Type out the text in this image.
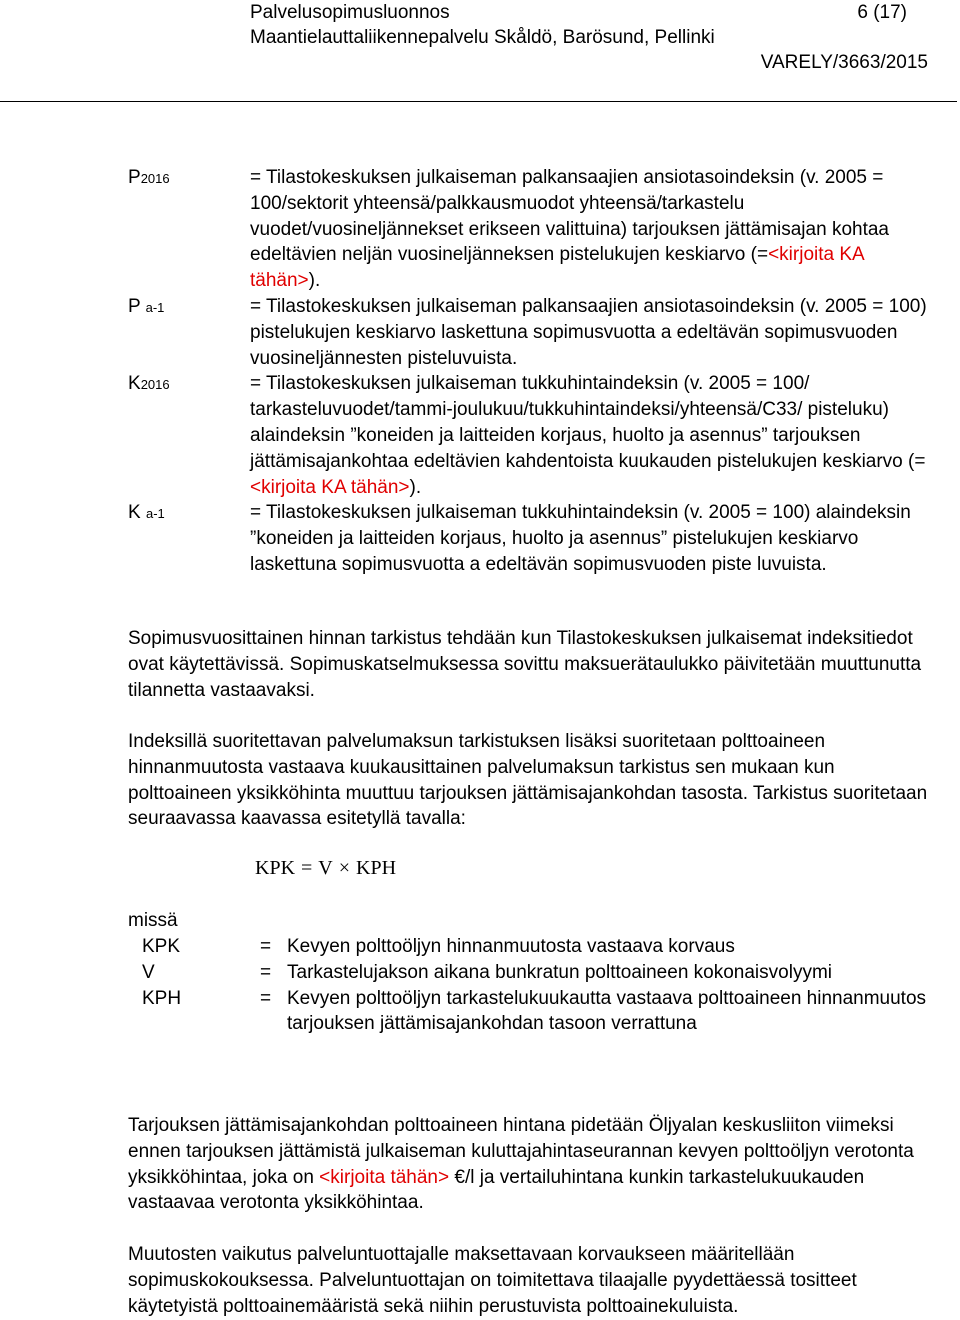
Palvelusopimusluonnos	6 (17)
Maantielauttaliikennepalvelu Skåldö, Barösund, Pellinki
VARELY/3663/2015
P2016	= Tilastokeskuksen julkaiseman palkansaajien ansiotasoindeksin (v. 2005 = 100/sektorit yhteensä/palkkausmuodot yhteensä/tarkastelu vuodet/vuosineljännekset erikseen valittuina) tarjouksen jättämisajan kohtaa edeltävien neljän vuosineljänneksen pistelukujen keskiarvo (=<kirjoita KA tähän>).
P a-1	= Tilastokeskuksen julkaiseman palkansaajien ansiotasoindeksin (v. 2005 = 100) pistelukujen keskiarvo laskettuna sopimusvuotta a edeltävän sopimusvuoden vuosineljännesten pisteluvuista.
K2016	= Tilastokeskuksen julkaiseman tukkuhintaindeksin (v. 2005 = 100/ tarkasteluvuodet/tammi-joulukuu/tukkuhintaindeksi/yhteensä/C33/ pisteluku) alaindeksin ”koneiden ja laitteiden korjaus, huolto ja asennus” tarjouksen jättämisajankohtaa edeltävien kahdentoista kuukauden pistelukujen keskiarvo (=<kirjoita KA tähän>).
K a-1	= Tilastokeskuksen julkaiseman tukkuhintaindeksin (v. 2005 = 100) alaindeksin ”koneiden ja laitteiden korjaus, huolto ja asennus” pistelukujen keskiarvo laskettuna sopimusvuotta a edeltävän sopimusvuoden piste luvuista.

Sopimusvuosittainen hinnan tarkistus tehdään kun Tilastokeskuksen julkaisemat indeksitiedot ovat käytettävissä. Sopimuskatselmuksessa sovittu maksuerätaulukko päivitetään muuttunutta tilannetta vastaavaksi.

Indeksillä suoritettavan palvelumaksun tarkistuksen lisäksi suoritetaan polttoaineen hinnanmuutosta vastaava kuukausittainen palvelumaksun tarkistus sen mukaan kun polttoaineen yksikköhinta muuttuu tarjouksen jättämisajankohdan tasosta. Tarkistus suoritetaan seuraavassa kaavassa esitetyllä tavalla:

KPK = V × KPH
missä
KPK	= Kevyen polttoöljyn hinnanmuutosta vastaava korvaus
V	= Tarkastelujakson aikana bunkratun polttoaineen kokonaisvolyymi
KPH	= Kevyen polttoöljyn tarkastelukuukautta vastaava polttoaineen hinnanmuutos tarjouksen jättämisajankohdan tasoon verrattuna

Tarjouksen jättämisajankohdan polttoaineen hintana pidetään Öljyalan keskusliiton viimeksi ennen tarjouksen jättämistä julkaiseman kuluttajahintaseurannan kevyen polttoöljyn verotonta yksikköhintaa, joka on <kirjoita tähän> €/l ja vertailuhintana kunkin tarkastelukuukauden vastaavaa verotonta yksikköhintaa.

Muutosten vaikutus palveluntuottajalle maksettavaan korvaukseen määritellään sopimuskokouksessa. Palveluntuottajan on toimitettava tilaajalle pyydettäessä tositteet käytetyistä polttoainemääristä sekä niihin perustuvista polttoainekuluista.
